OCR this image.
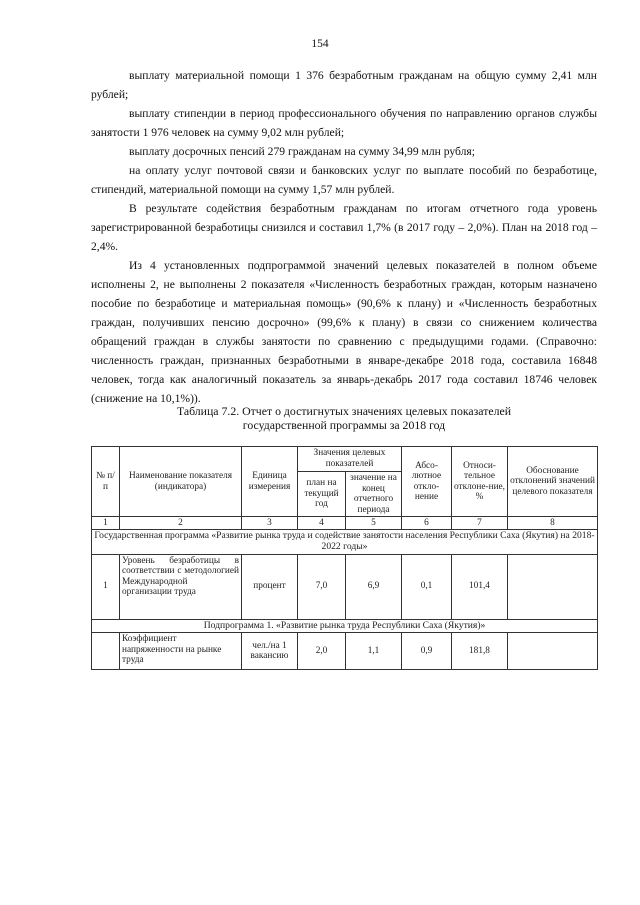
154

выплату материальной помощи 1 376 безработным гражданам на общую сумму 2,41 млн рублей;

выплату стипендии в период профессионального обучения по направлению органов службы занятости 1 976 человек на сумму 9,02 млн рублей;

выплату досрочных пенсий 279 гражданам на сумму 34,99 млн рубля;

на оплату услуг почтовой связи и банковских услуг по выплате пособий по безработице, стипендий, материальной помощи на сумму 1,57 млн рублей.

В результате содействия безработным гражданам по итогам отчетного года уровень зарегистрированной безработицы снизился и составил 1,7% (в 2017 году – 2,0%). План на 2018 год – 2,4%.

Из 4 установленных подпрограммой значений целевых показателей в полном объеме исполнены 2, не выполнены 2 показателя «Численность безработных граждан, которым назначено пособие по безработице и материальная помощь» (90,6% к плану) и «Численность безработных граждан, получивших пенсию досрочно» (99,6% к плану) в связи со снижением количества обращений граждан в службы занятости по сравнению с предыдущими годами. (Справочно: численность граждан, признанных безработными в январе-декабре 2018 года, составила 16848 человек, тогда как аналогичный показатель за январь-декабрь 2017 года составил 18746 человек (снижение на 10,1%)).

Таблица 7.2. Отчет о достигнутых значениях целевых показателей
государственной программы за 2018 год
№ п/п	Наименование показателя (индикатора)	Единица измерения	Значения целевых показателей		Абсо-лютное откло-нение	Относи-тельное отклоне-ние, %	Обоснование отклонений значений целевого показателя
			план на текущий год	значение на конец отчетного периода			
1	2	3	4	5	6	7	8
Государственная программа «Развитие рынка труда и содействие занятости населения Республики Саха (Якутия) на 2018-2022 годы»							
1	Уровень безработицы в соответствии с методологией Международной организации труда	процент	7,0	6,9	0,1	101,4	
Подпрограмма 1. «Развитие рынка труда Республики Саха (Якутия)»							
	Коэффициент напряженности на рынке труда	чел./на 1 вакансию	2,0	1,1	0,9	181,8	
